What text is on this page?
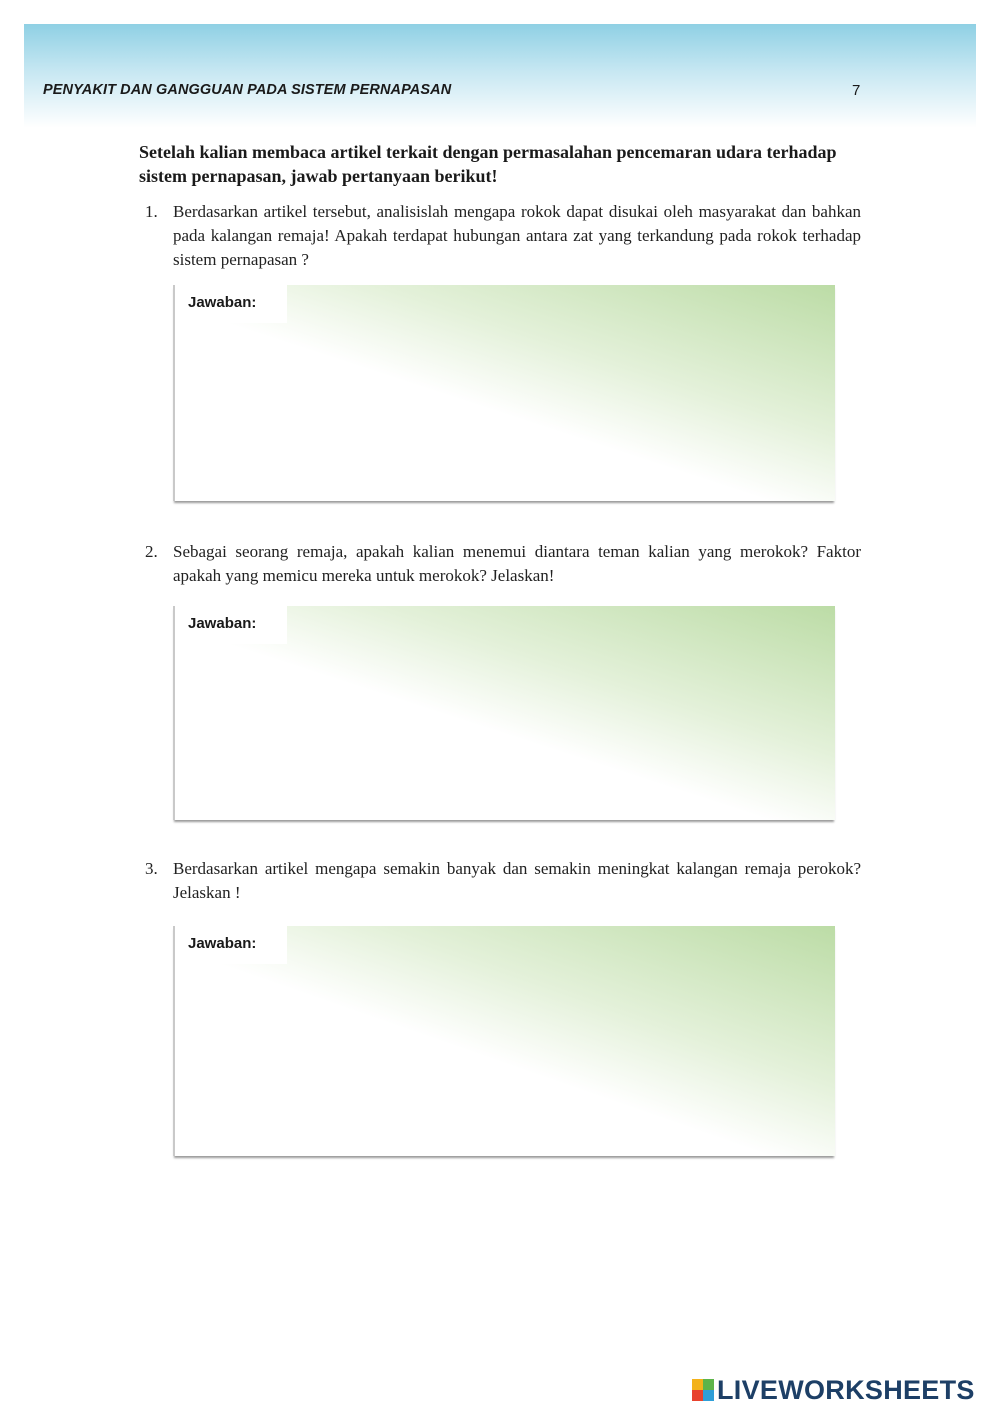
PENYAKIT DAN GANGGUAN PADA SISTEM PERNAPASAN	7
Setelah kalian membaca artikel terkait dengan permasalahan pencemaran udara terhadap sistem pernapasan, jawab pertanyaan berikut!
1. Berdasarkan artikel tersebut, analisislah mengapa rokok dapat disukai oleh masyarakat dan bahkan pada kalangan remaja! Apakah terdapat hubungan antara zat yang terkandung pada rokok terhadap sistem pernapasan ?
Jawaban:
2. Sebagai seorang remaja, apakah kalian menemui diantara teman kalian yang merokok? Faktor apakah yang memicu mereka untuk merokok? Jelaskan!
Jawaban:
3. Berdasarkan artikel mengapa semakin banyak dan semakin meningkat kalangan remaja perokok? Jelaskan !
Jawaban:
LIVEWORKSHEETS
